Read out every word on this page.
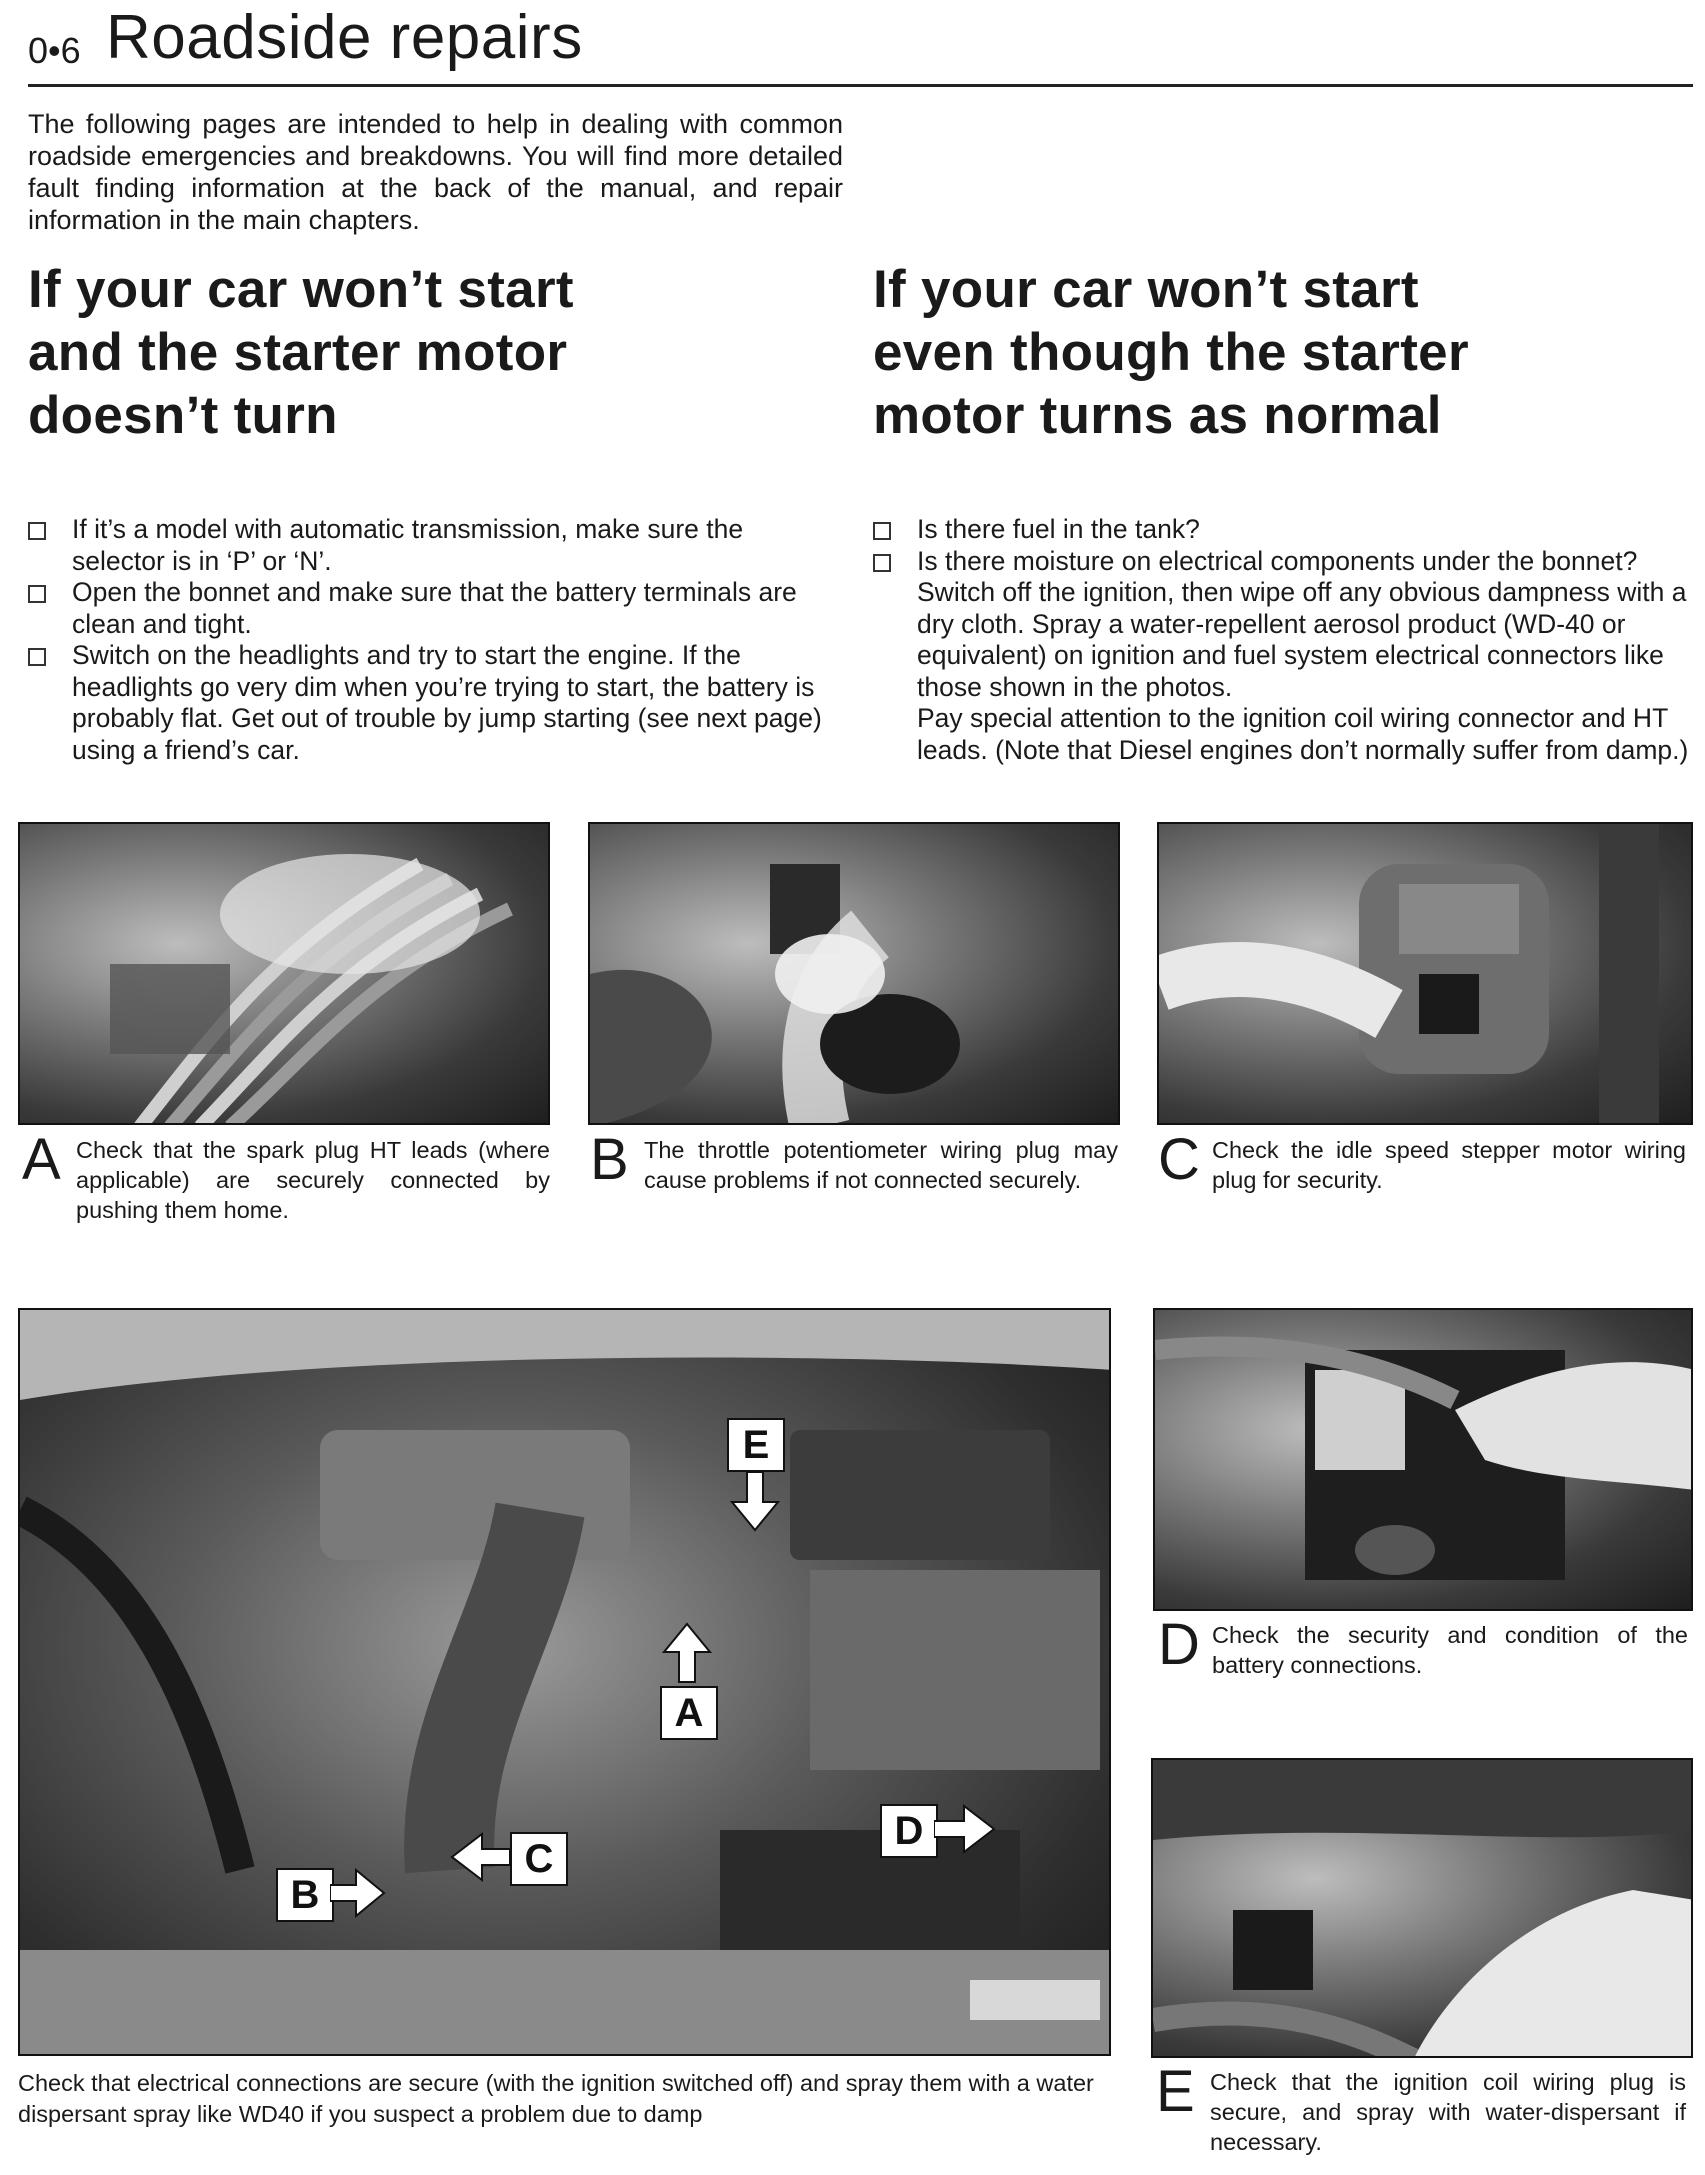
0•6 Roadside repairs
The following pages are intended to help in dealing with common roadside emergencies and breakdowns. You will find more detailed fault finding information at the back of the manual, and repair information in the main chapters.
If your car won’t start
and the starter motor
doesn’t turn
If your car won’t start
even though the starter
motor turns as normal
If it’s a model with automatic transmission, make sure the selector is in ‘P’ or ‘N’.
Open the bonnet and make sure that the battery terminals are clean and tight.
Switch on the headlights and try to start the engine. If the headlights go very dim when you’re trying to start, the battery is probably flat. Get out of trouble by jump starting (see next page) using a friend’s car.
Is there fuel in the tank?
Is there moisture on electrical components under the bonnet? Switch off the ignition, then wipe off any obvious dampness with a dry cloth. Spray a water-repellent aerosol product (WD-40 or equivalent) on ignition and fuel system electrical connectors like those shown in the photos.
Pay special attention to the ignition coil wiring connector and HT leads. (Note that Diesel engines don’t normally suffer from damp.)
A Check that the spark plug HT leads (where applicable) are securely connected by pushing them home.
B The throttle potentiometer wiring plug may cause problems if not connected securely.	C Check the idle speed stepper motor wiring plug for security.
E
A
D
C
B
Check that electrical connections are secure (with the ignition switched off) and spray them with a water dispersant spray like WD40 if you suspect a problem due to damp
D Check the security and condition of the battery connections.
E Check that the ignition coil wiring plug is secure, and spray with water-dispersant if necessary.
